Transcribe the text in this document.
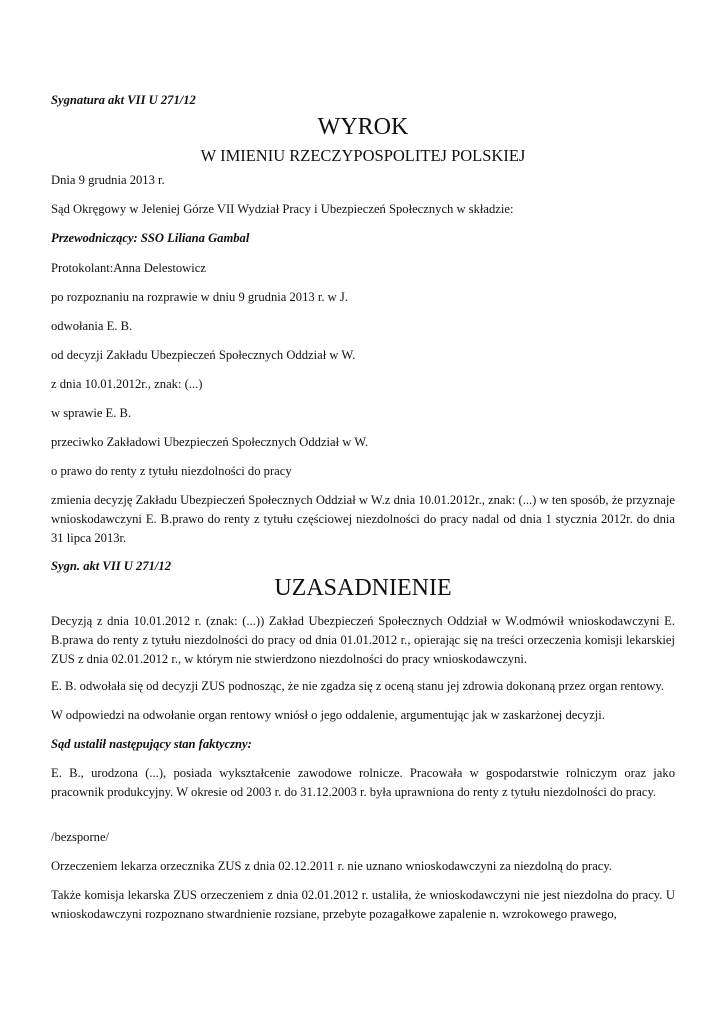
Sygnatura akt VII U 271/12

WYROK
W IMIENIU RZECZYPOSPOLITEJ POLSKIEJ

Dnia 9 grudnia 2013 r.

Sąd Okręgowy w Jeleniej Górze VII Wydział Pracy i Ubezpieczeń Społecznych w składzie:

Przewodniczący: SSO Liliana Gambal

Protokolant:Anna Delestowicz

po rozpoznaniu na rozprawie w dniu 9 grudnia 2013 r. w J.

odwołania E. B.

od decyzji Zakładu Ubezpieczeń Społecznych Oddział w W.

z dnia 10.01.2012r., znak: (...)

w sprawie E. B.

przeciwko Zakładowi Ubezpieczeń Społecznych Oddział w W.

o prawo do renty z tytułu niezdolności do pracy

zmienia decyzję Zakładu Ubezpieczeń Społecznych Oddział w W.z dnia 10.01.2012r., znak: (...) w ten sposób, że przyznaje wnioskodawczyni E. B.prawo do renty z tytułu częściowej niezdolności do pracy nadal od dnia 1 stycznia 2012r. do dnia 31 lipca 2013r.

Sygn. akt VII U 271/12

UZASADNIENIE

Decyzją z dnia 10.01.2012 r. (znak: (...)) Zakład Ubezpieczeń Społecznych Oddział w W.odmówił wnioskodawczyni E. B.prawa do renty z tytułu niezdolności do pracy od dnia 01.01.2012 r., opierając się na treści orzeczenia komisji lekarskiej ZUS z dnia 02.01.2012 r., w którym nie stwierdzono niezdolności do pracy wnioskodawczyni.

E. B. odwołała się od decyzji ZUS podnosząc, że nie zgadza się z oceną stanu jej zdrowia dokonaną przez organ rentowy.

W odpowiedzi na odwołanie organ rentowy wniósł o jego oddalenie, argumentując jak w zaskarżonej decyzji.

Sąd ustalił następujący stan faktyczny:

E. B., urodzona (...), posiada wykształcenie zawodowe rolnicze. Pracowała w gospodarstwie rolniczym oraz jako pracownik produkcyjny. W okresie od 2003 r. do 31.12.2003 r. była uprawniona do renty z tytułu niezdolności do pracy.

/bezsporne/

Orzeczeniem lekarza orzecznika ZUS z dnia 02.12.2011 r. nie uznano wnioskodawczyni za niezdolną do pracy.

Także komisja lekarska ZUS orzeczeniem z dnia 02.01.2012 r. ustaliła, że wnioskodawczyni nie jest niezdolna do pracy. U wnioskodawczyni rozpoznano stwardnienie rozsiane, przebyte pozagałkowe zapalenie n. wzrokowego prawego,
